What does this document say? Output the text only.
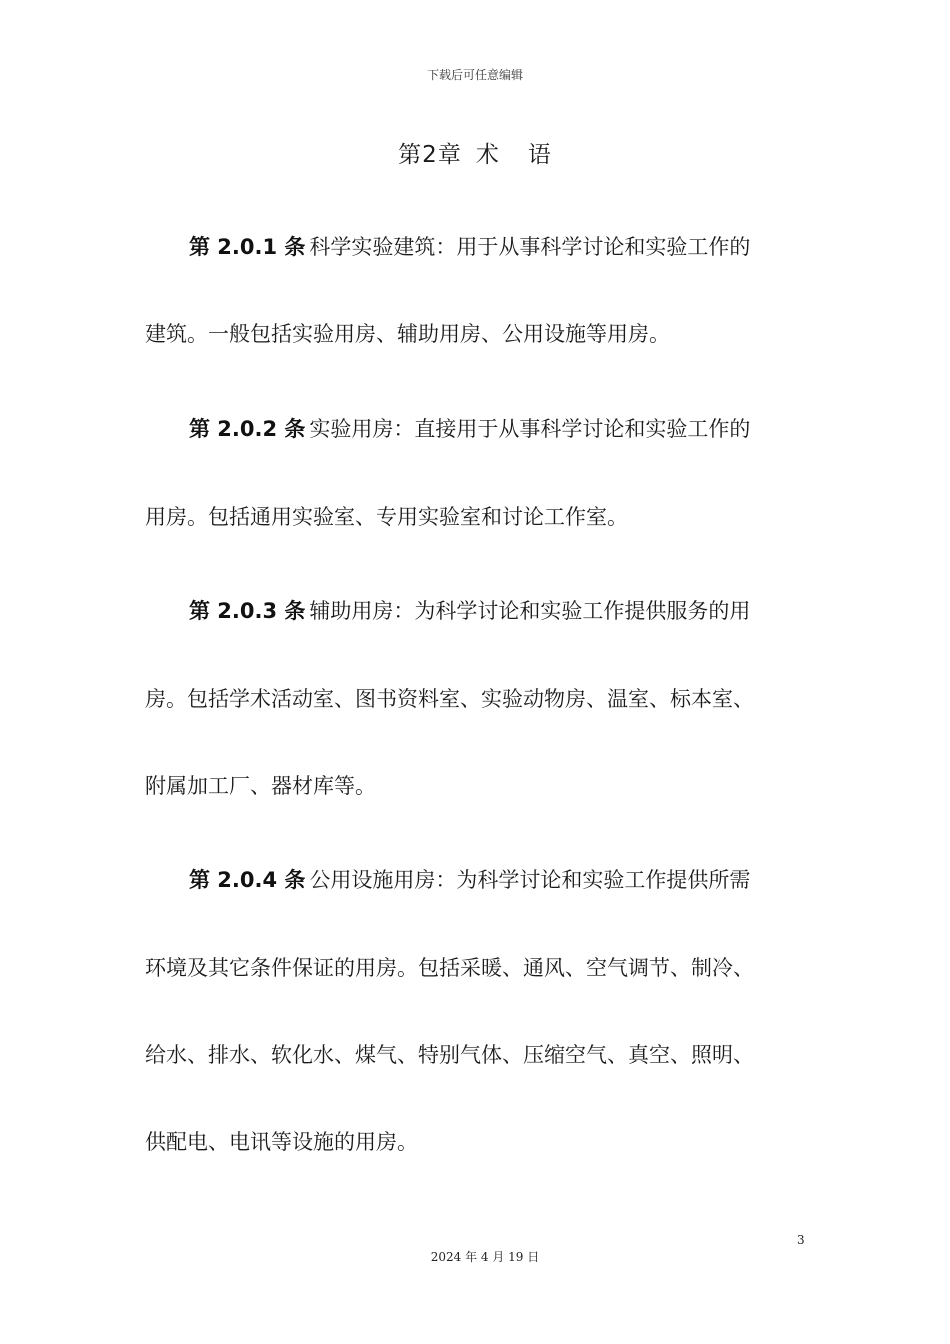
下载后可任意编辑
第2章 术 语
第 2.0.1 条 科学实验建筑：用于从事科学讨论和实验工作的
建筑。一般包括实验用房、辅助用房、公用设施等用房。
第 2.0.2 条 实验用房：直接用于从事科学讨论和实验工作的
用房。包括通用实验室、专用实验室和讨论工作室。
第 2.0.3 条 辅助用房：为科学讨论和实验工作提供服务的用
房。包括学术活动室、图书资料室、实验动物房、温室、标本室、
附属加工厂、器材库等。
第 2.0.4 条 公用设施用房：为科学讨论和实验工作提供所需
环境及其它条件保证的用房。包括采暖、通风、空气调节、制冷、
给水、排水、软化水、煤气、特别气体、压缩空气、真空、照明、
供配电、电讯等设施的用房。
3
2024 年 4 月 19 日
